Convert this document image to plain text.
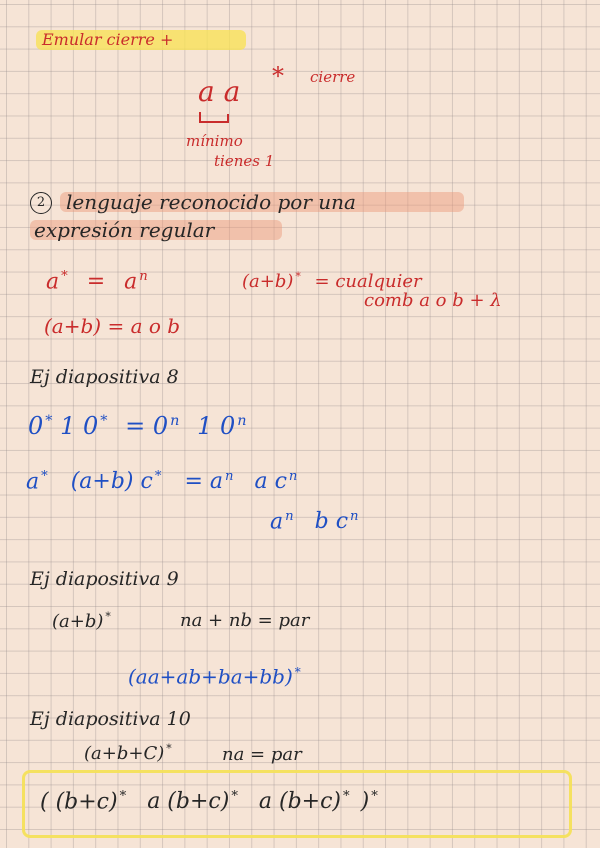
Emular cierre +
a a * cierre
mínimo
tienes 1
2	lenguaje reconocido por una
expresión regular
a * = a $^n$
(a+b) = a o b
(a+b) * = cualquier
comb a o b + λ
Ej diapositiva 8
0 * 1 0 * = 0 $^n$ 1 0 $^n$
a * (a+b) c * = a $^n$ a c $^n$
a $^n$ b c $^n$
Ej diapositiva 9
(a+b) *	na + nb = par
(aa+ab+ba+bb) *
Ej diapositiva 10
(a+b+C) *	na = par
( (b+c) * a (b+c) * a (b+c) * ) *
